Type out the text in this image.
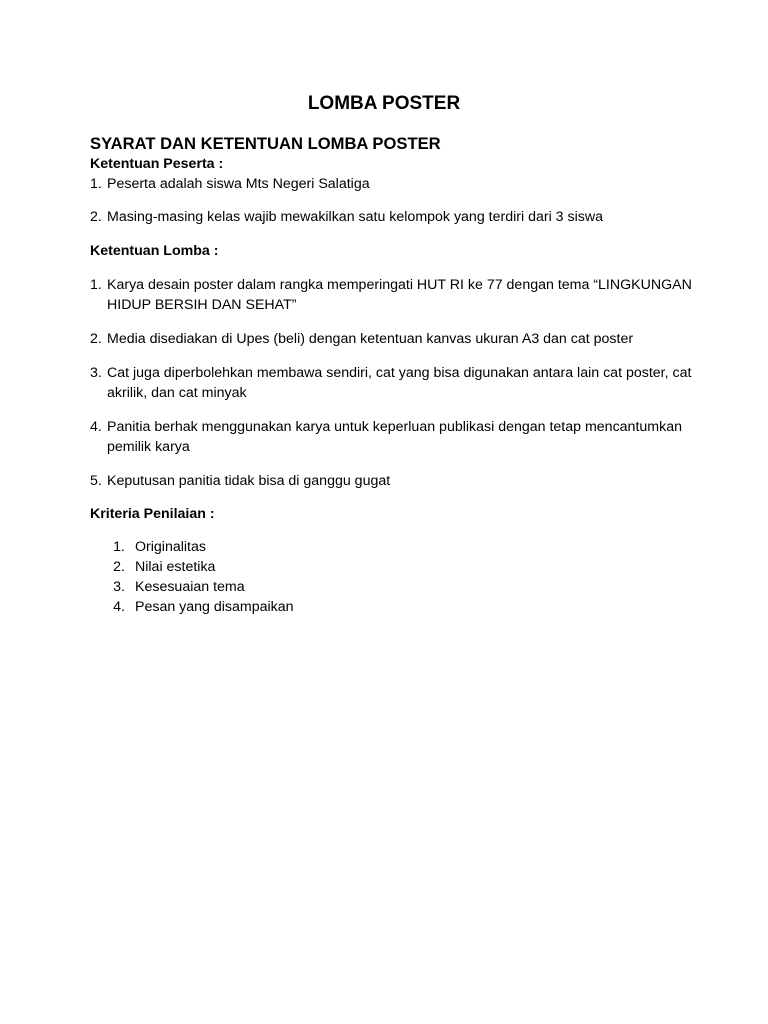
LOMBA POSTER

SYARAT DAN KETENTUAN LOMBA POSTER

Ketentuan Peserta :

1. Peserta adalah siswa Mts Negeri Salatiga
2. Masing-masing kelas wajib mewakilkan satu kelompok yang terdiri dari 3 siswa

Ketentuan Lomba :

1. Karya desain poster dalam rangka memperingati HUT RI ke 77 dengan tema “LINGKUNGAN HIDUP BERSIH DAN SEHAT”
2. Media disediakan di Upes (beli) dengan ketentuan kanvas ukuran A3 dan cat poster
3. Cat juga diperbolehkan membawa sendiri, cat yang bisa digunakan antara lain cat poster, cat akrilik, dan cat minyak
4. Panitia berhak menggunakan karya untuk keperluan publikasi dengan tetap mencantumkan pemilik karya
5. Keputusan panitia tidak bisa di ganggu gugat

Kriteria Penilaian :

1. Originalitas
2. Nilai estetika
3. Kesesuaian tema
4. Pesan yang disampaikan
